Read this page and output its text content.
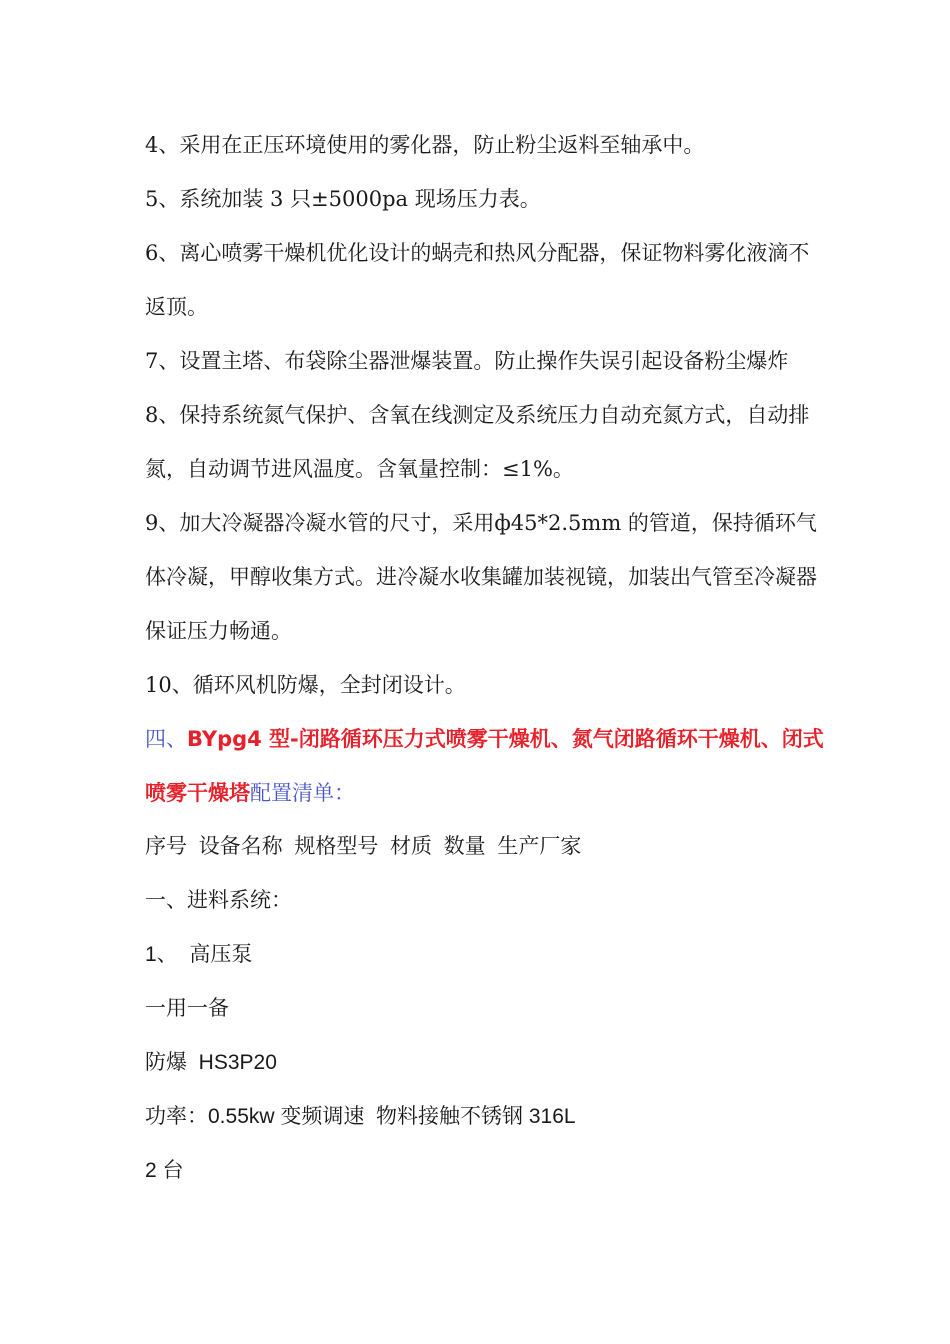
4、采用在正压环境使用的雾化器，防止粉尘返料至轴承中。

5、系统加装 3 只±5000pa 现场压力表。

6、离心喷雾干燥机优化设计的蜗壳和热风分配器，保证物料雾化液滴不返顶。

7、设置主塔、布袋除尘器泄爆装置。防止操作失误引起设备粉尘爆炸

8、保持系统氮气保护、含氧在线测定及系统压力自动充氮方式，自动排氮，自动调节进风温度。含氧量控制：≤1%。

9、加大冷凝器冷凝水管的尺寸，采用ф45*2.5mm 的管道，保持循环气体冷凝，甲醇收集方式。进冷凝水收集罐加装视镜，加装出气管至冷凝器保证压力畅通。

10、循环风机防爆，全封闭设计。

四、BYpg4 型-闭路循环压力式喷雾干燥机、氮气闭路循环干燥机、闭式喷雾干燥塔配置清单：

序号  设备名称  规格型号  材质  数量  生产厂家

一、进料系统：

1、  高压泵

一用一备

防爆  HS3P20

功率：0.55kw 变频调速  物料接触不锈钢 316L

2 台
